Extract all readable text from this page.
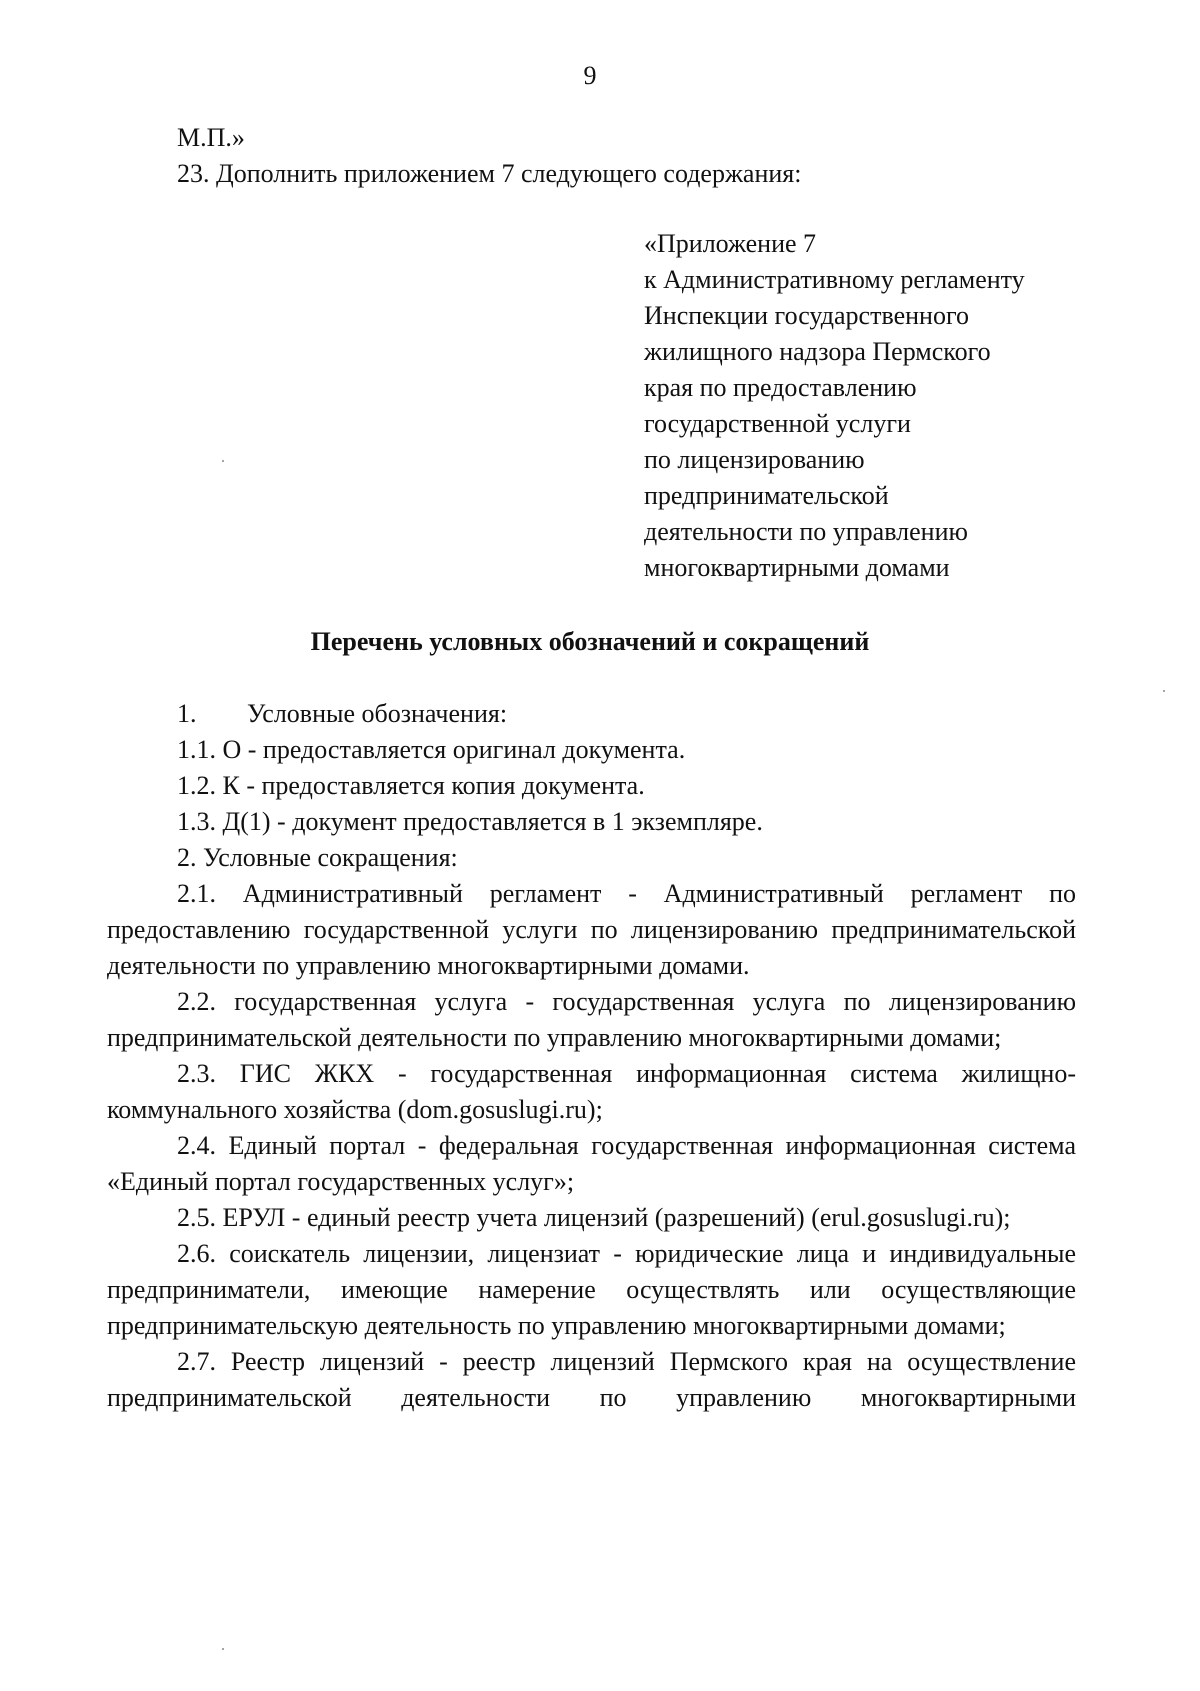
9
М.П.»
23. Дополнить приложением 7 следующего содержания:
«Приложение 7
к Административному регламенту
Инспекции государственного
жилищного надзора Пермского
края по предоставлению
государственной услуги
по лицензированию
предпринимательской
деятельности по управлению
многоквартирными домами
Перечень условных обозначений и сокращений

1. Условные обозначения:

1.1. О - предоставляется оригинал документа.

1.2. К - предоставляется копия документа.

1.3. Д(1) - документ предоставляется в 1 экземпляре.

2. Условные сокращения:

2.1. Административный регламент - Административный регламент по предоставлению государственной услуги по лицензированию предпринимательской деятельности по управлению многоквартирными домами.

2.2. государственная услуга - государственная услуга по лицензированию предпринимательской деятельности по управлению многоквартирными домами;

2.3. ГИС ЖКХ - государственная информационная система жилищно-коммунального хозяйства (dom.gosuslugi.ru);

2.4. Единый портал - федеральная государственная информационная система «Единый портал государственных услуг»;

2.5. ЕРУЛ - единый реестр учета лицензий (разрешений) (erul.gosuslugi.ru);

2.6. соискатель лицензии, лицензиат - юридические лица и индивидуальные предприниматели, имеющие намерение осуществлять или осуществляющие предпринимательскую деятельность по управлению многоквартирными домами;

2.7. Реестр лицензий - реестр лицензий Пермского края на осуществление предпринимательской деятельности по управлению многоквартирными
